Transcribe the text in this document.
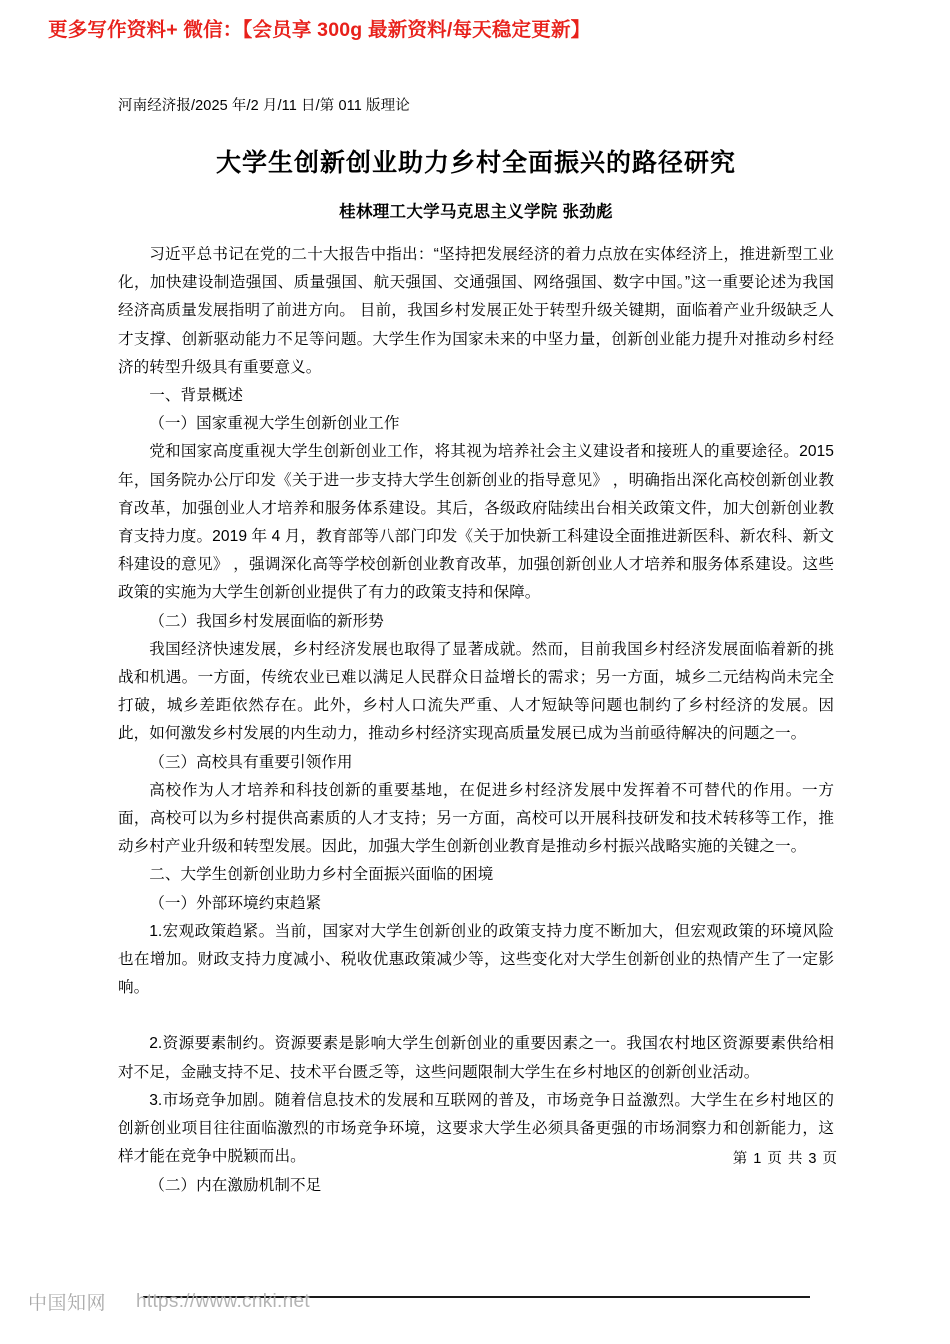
更多写作资料+ 微信：【会员享 300g 最新资料/每天稳定更新】
河南经济报/2025 年/2 月/11 日/第 011 版理论
大学生创新创业助力乡村全面振兴的路径研究
桂林理工大学马克思主义学院 张劲彪

习近平总书记在党的二十大报告中指出：“坚持把发展经济的着力点放在实体经济上，推进新型工业化，加快建设制造强国、质量强国、航天强国、交通强国、网络强国、数字中国。”这一重要论述为我国经济高质量发展指明了前进方向。 目前，我国乡村发展正处于转型升级关键期，面临着产业升级缺乏人才支撑、创新驱动能力不足等问题。大学生作为国家未来的中坚力量，创新创业能力提升对推动乡村经济的转型升级具有重要意义。

一、背景概述

（一）国家重视大学生创新创业工作

党和国家高度重视大学生创新创业工作，将其视为培养社会主义建设者和接班人的重要途径。2015 年，国务院办公厅印发《关于进一步支持大学生创新创业的指导意见》 ，明确指出深化高校创新创业教育改革，加强创业人才培养和服务体系建设。其后，各级政府陆续出台相关政策文件，加大创新创业教育支持力度。2019 年 4 月，教育部等八部门印发《关于加快新工科建设全面推进新医科、新农科、新文科建设的意见》 ，强调深化高等学校创新创业教育改革，加强创新创业人才培养和服务体系建设。这些政策的实施为大学生创新创业提供了有力的政策支持和保障。

（二）我国乡村发展面临的新形势

我国经济快速发展，乡村经济发展也取得了显著成就。然而，目前我国乡村经济发展面临着新的挑战和机遇。一方面，传统农业已难以满足人民群众日益增长的需求；另一方面，城乡二元结构尚未完全打破，城乡差距依然存在。此外，乡村人口流失严重、人才短缺等问题也制约了乡村经济的发展。因此，如何激发乡村发展的内生动力，推动乡村经济实现高质量发展已成为当前亟待解决的问题之一。

（三）高校具有重要引领作用

高校作为人才培养和科技创新的重要基地，在促进乡村经济发展中发挥着不可替代的作用。一方面，高校可以为乡村提供高素质的人才支持；另一方面，高校可以开展科技研发和技术转移等工作，推动乡村产业升级和转型发展。因此，加强大学生创新创业教育是推动乡村振兴战略实施的关键之一。

二、大学生创新创业助力乡村全面振兴面临的困境

（一）外部环境约束趋紧

1.宏观政策趋紧。当前，国家对大学生创新创业的政策支持力度不断加大，但宏观政策的环境风险也在增加。财政支持力度减小、税收优惠政策减少等，这些变化对大学生创新创业的热情产生了一定影响。

2.资源要素制约。资源要素是影响大学生创新创业的重要因素之一。我国农村地区资源要素供给相对不足，金融支持不足、技术平台匮乏等，这些问题限制大学生在乡村地区的创新创业活动。

3.市场竞争加剧。随着信息技术的发展和互联网的普及，市场竞争日益激烈。大学生在乡村地区的创新创业项目往往面临激烈的市场竞争环境，这要求大学生必须具备更强的市场洞察力和创新能力，这样才能在竞争中脱颖而出。

（二）内在激励机制不足

第 1 页 共 3 页
中国知网 https://www.cnki.net
